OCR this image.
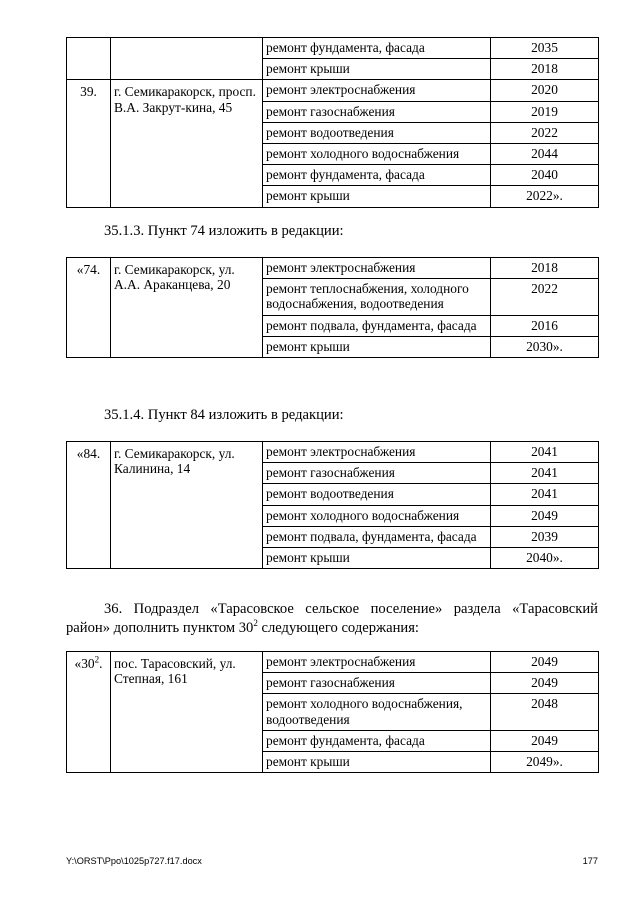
		ремонт фундамента, фасада	2035
		ремонт крыши	2018
39.	г. Семикаракорск, просп. В.А. Закрут-кина, 45	ремонт электроснабжения	2020
		ремонт газоснабжения	2019
		ремонт водоотведения	2022
		ремонт холодного водоснабжения	2044
		ремонт фундамента, фасада	2040
		ремонт крыши	2022».

35.1.3. Пункт 74 изложить в редакции:

«74.	г. Семикаракорск, ул. А.А. Араканцева, 20	ремонт электроснабжения	2018
		ремонт теплоснабжения, холодного водоснабжения, водоотведения	2022
		ремонт подвала, фундамента, фасада	2016
		ремонт крыши	2030».

35.1.4. Пункт 84 изложить в редакции:

«84.	г. Семикаракорск, ул. Калинина, 14	ремонт электроснабжения	2041
		ремонт газоснабжения	2041
		ремонт водоотведения	2041
		ремонт холодного водоснабжения	2049
		ремонт подвала, фундамента, фасада	2039
		ремонт крыши	2040».

36. Подраздел «Тарасовское сельское поселение» раздела «Тарасовский район» дополнить пунктом $30^2$ следующего содержания:

«$30^2$.	пос. Тарасовский, ул. Степная, 161	ремонт электроснабжения	2049
		ремонт газоснабжения	2049
		ремонт холодного водоснабжения, водоотведения	2048
		ремонт фундамента, фасада	2049
		ремонт крыши	2049».
Y:\ORST\Ppo\1025p727.f17.docx	177
